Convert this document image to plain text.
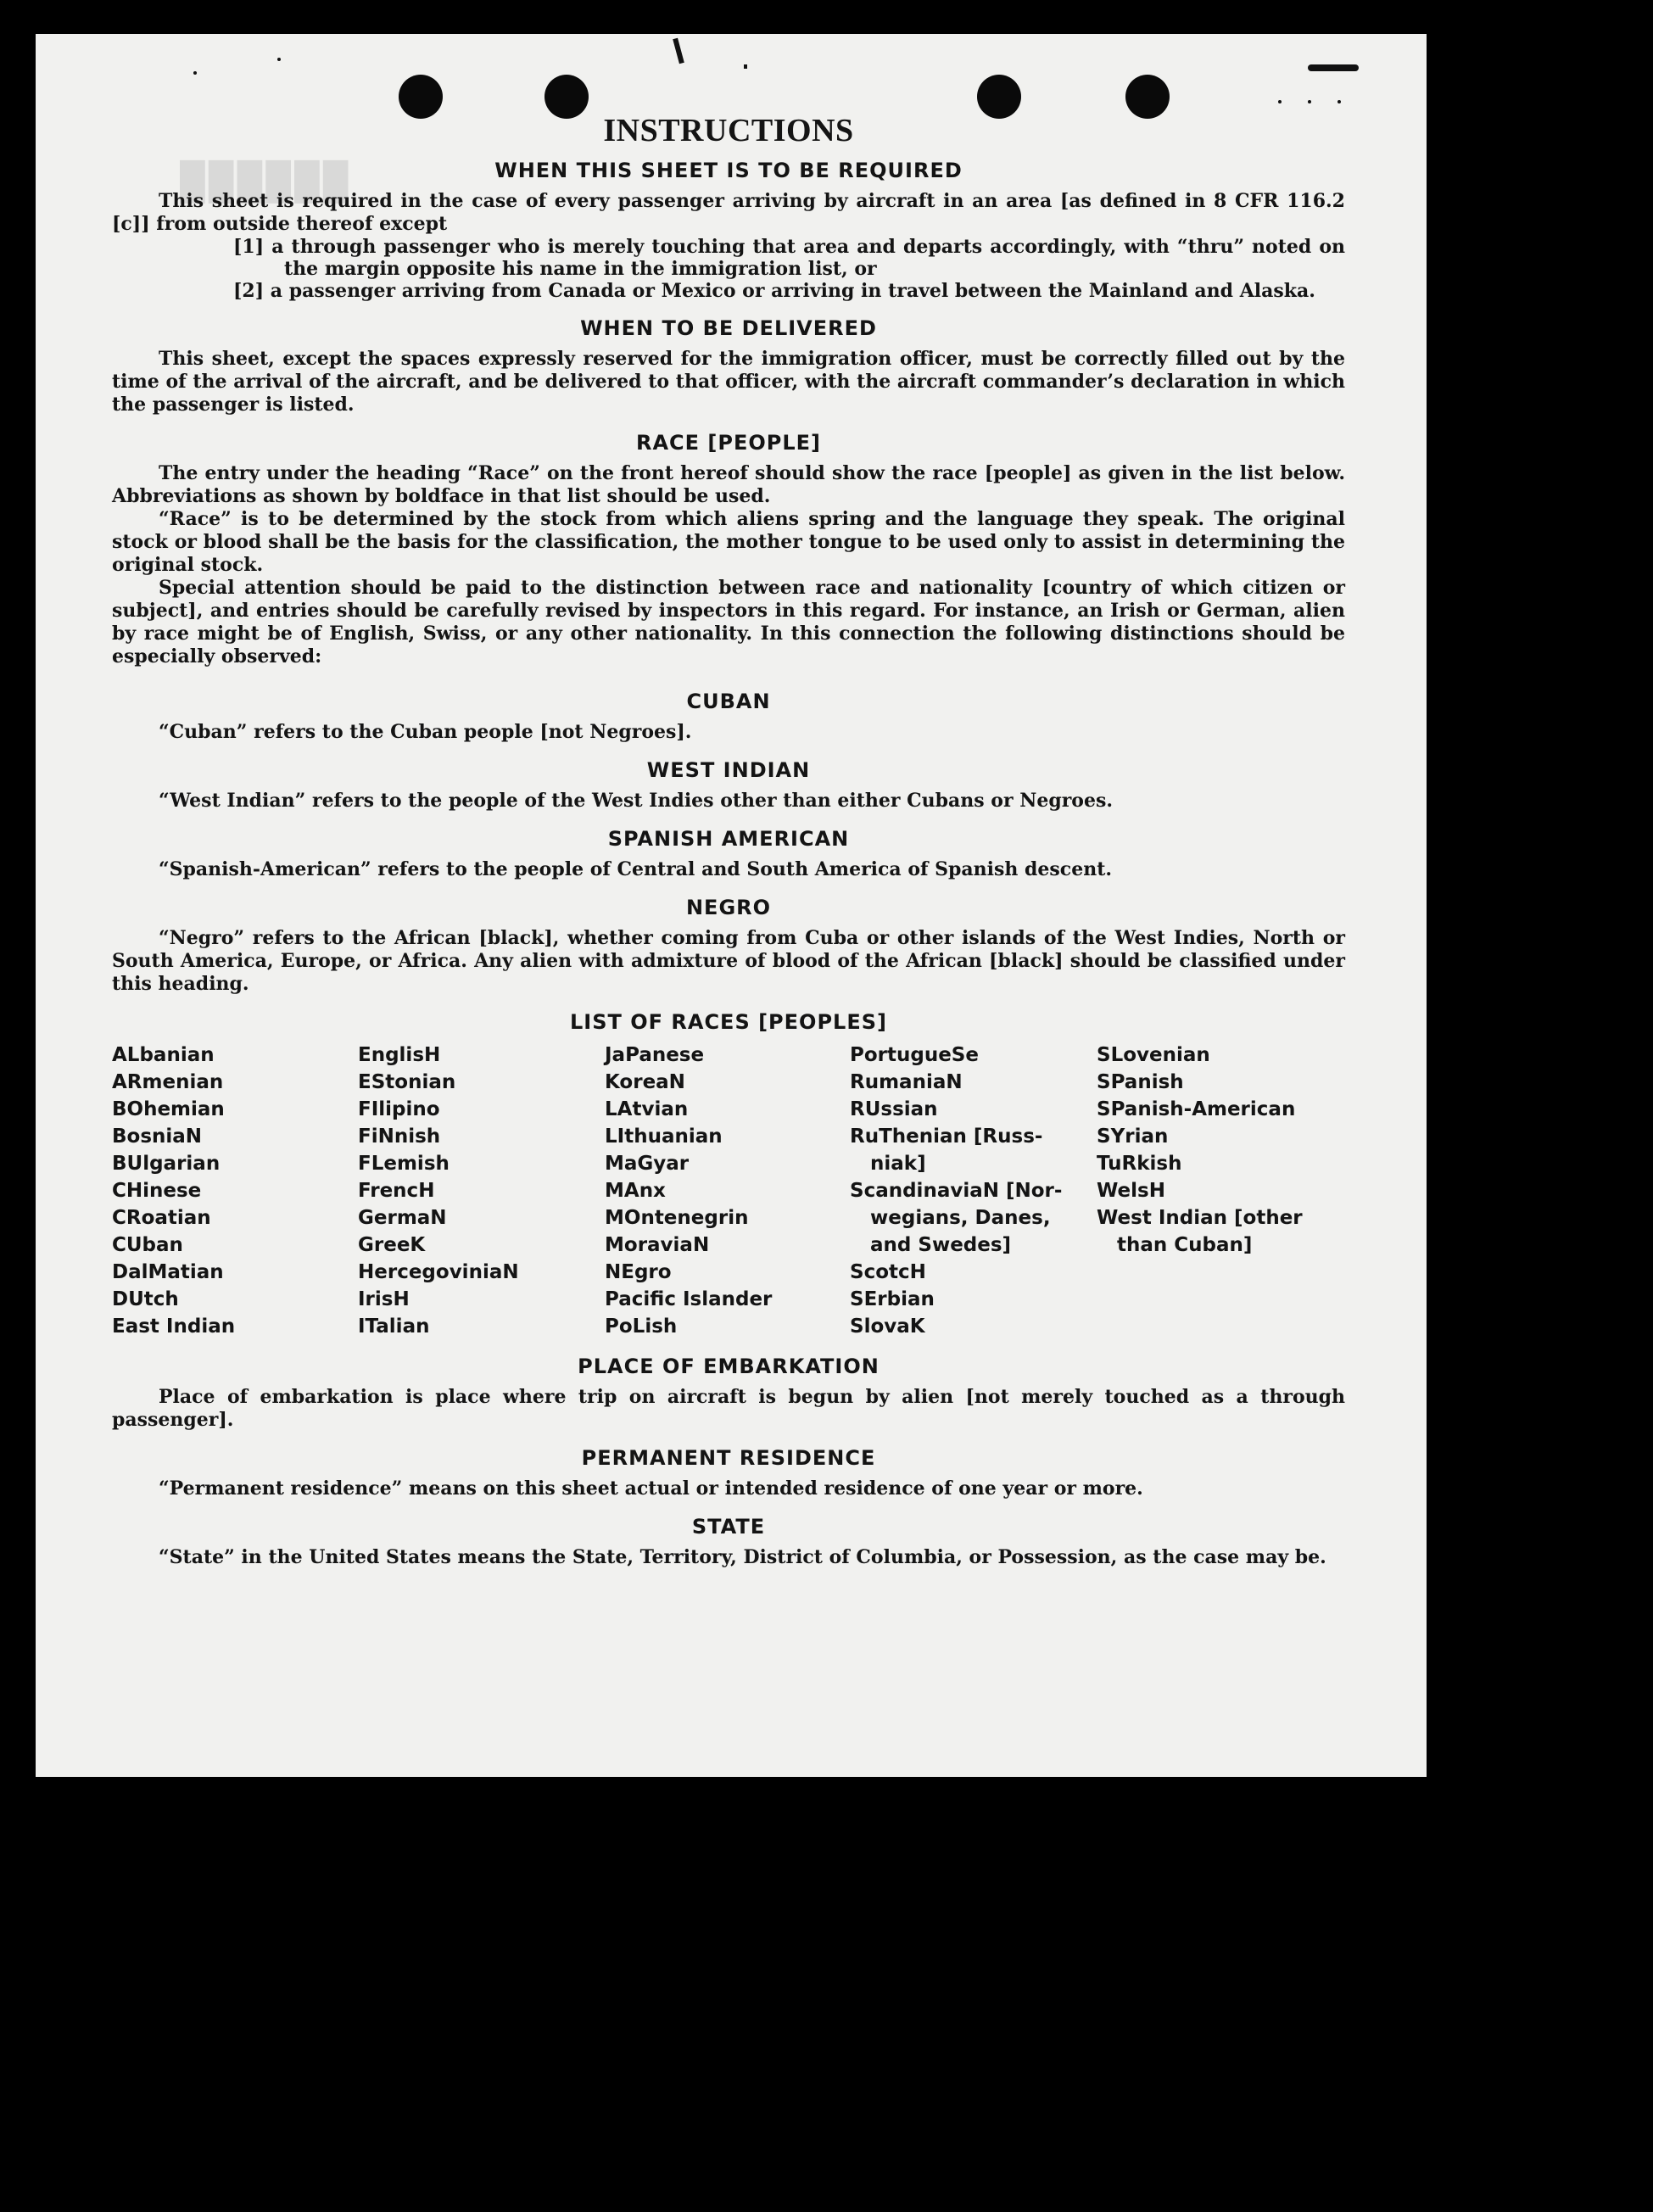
██████
INSTRUCTIONS
WHEN THIS SHEET IS TO BE REQUIRED

This sheet is required in the case of every passenger arriving by aircraft in an area [as defined in 8 CFR 116.2 [c]] from outside thereof except

[1] a through passenger who is merely touching that area and departs accordingly, with “thru” noted on the margin opposite his name in the immigration list, or

[2] a passenger arriving from Canada or Mexico or arriving in travel between the Mainland and Alaska.

WHEN TO BE DELIVERED

This sheet, except the spaces expressly reserved for the immigration officer, must be correctly filled out by the time of the arrival of the aircraft, and be delivered to that officer, with the aircraft commander’s declaration in which the passenger is listed.

RACE [PEOPLE]

The entry under the heading “Race” on the front hereof should show the race [people] as given in the list below. Abbreviations as shown by boldface in that list should be used.

“Race” is to be determined by the stock from which aliens spring and the language they speak. The original stock or blood shall be the basis for the classification, the mother tongue to be used only to assist in determining the original stock.

Special attention should be paid to the distinction between race and nationality [country of which citizen or subject], and entries should be carefully revised by inspectors in this regard. For instance, an Irish or German, alien by race might be of English, Swiss, or any other nationality. In this connection the following distinctions should be especially observed:

CUBAN

“Cuban” refers to the Cuban people [not Negroes].

WEST INDIAN

“West Indian” refers to the people of the West Indies other than either Cubans or Negroes.

SPANISH AMERICAN

“Spanish-American” refers to the people of Central and South America of Spanish descent.

NEGRO

“Negro” refers to the African [black], whether coming from Cuba or other islands of the West Indies, North or South America, Europe, or Africa. Any alien with admixture of blood of the African [black] should be classified under this heading.

LIST OF RACES [PEOPLES]
ALbanian
ARmenian
BOhemian
BosniaN
BUlgarian
CHinese
CRoatian
CUban
DalMatian
DUtch
East Indian
EnglisH
EStonian
FIlipino
FiNnish
FLemish
FrencH
GermaN
GreeK
HercegoviniaN
IrisH
ITalian
JaPanese
KoreaN
LAtvian
LIthuanian
MaGyar
MAnx
MOntenegrin
MoraviaN
NEgro
Pacific Islander
PoLish
PortugueSe
RumaniaN
RUssian
RuThenian [Russ-
niak]
ScandinaviaN [Nor-
wegians, Danes,
and Swedes]
ScotcH
SErbian
SlovaK
SLovenian
SPanish
SPanish-American
SYrian
TuRkish
WelsH
West Indian [other
than Cuban]
PLACE OF EMBARKATION

Place of embarkation is place where trip on aircraft is begun by alien [not merely touched as a through passenger].

PERMANENT RESIDENCE

“Permanent residence” means on this sheet actual or intended residence of one year or more.

STATE

“State” in the United States means the State, Territory, District of Columbia, or Possession, as the case may be.
